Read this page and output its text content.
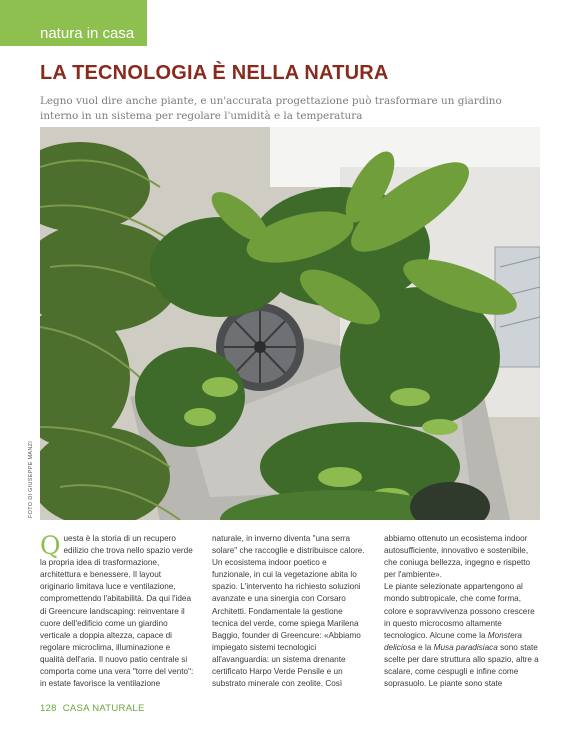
natura in casa
LA TECNOLOGIA È NELLA NATURA

Legno vuol dire anche piante, e un'accurata progettazione può trasformare un giardino interno in un sistema per regolare l'umidità e la temperatura

FOTO DI GIUSEPPE MANZI

Questa è la storia di un recupero edilizio che trova nello spazio verde la propria idea di trasformazione, architettura e benessere. Il layout originario limitava luce e ventilazione, compromettendo l'abitabilità. Da qui l'idea di Greencure landscaping: reinventare il cuore dell'edificio come un giardino verticale a doppia altezza, capace di regolare microclima, illuminazione e qualità dell'aria. Il nuovo patio centrale si comporta come una vera "torre del vento": in estate favorisce la ventilazione

naturale, in inverno diventa "una serra solare" che raccoglie e distribuisce calore. Un ecosistema indoor poetico e funzionale, in cui la vegetazione abita lo spazio. L'intervento ha richiesto soluzioni avanzate e una sinergia con Corsaro Architetti. Fondamentale la gestione tecnica del verde, come spiega Marilena Baggio, founder di Greencure: «Abbiamo impiegato sistemi tecnologici all'avanguardia: un sistema drenante certificato Harpo Verde Pensile e un substrato minerale con zeolite. Così

abbiamo ottenuto un ecosistema indoor autosufficiente, innovativo e sostenibile, che coniuga bellezza, ingegno e rispetto per l'ambiente».

Le piante selezionate appartengono al mondo subtropicale, che come forma, colore e sopravvivenza possono crescere in questo microcosmo altamente tecnologico. Alcune come la Monstera deliciosa e la Musa paradisiaca sono state scelte per dare struttura allo spazio, altre a scalare, come cespugli e infine come soprasuolo. Le piante sono state

128 CASA NATURALE
